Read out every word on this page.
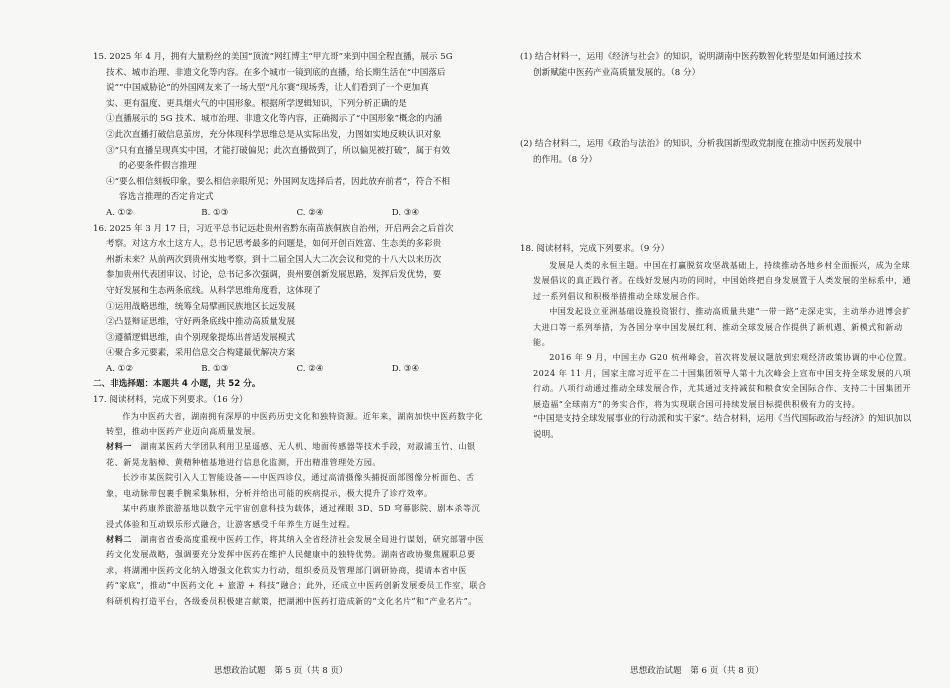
15. 2025 年 4 月，拥有大量粉丝的美国“顶流”网红博主“甲亢哥”来到中国全程直播，展示 5G

技术、城市治理、非遗文化等内容。在多个城市一镜到底的直播，给长期生活在“中国落后

说”“中国威胁论”的外国网友来了一场大型“凡尔赛”现场秀，让人们看到了一个更加真

实、更有温度、更具烟火气的中国形象。根据所学逻辑知识，下列分析正确的是

①直播展示的 5G 技术、城市治理、非遗文化等内容，正确揭示了“中国形象”概念的内涵

②此次直播打破信息茧房，充分体现科学思维总是从实际出发，力图如实地反映认识对象

③“只有直播呈现真实中国，才能打破偏见；此次直播做到了，所以偏见被打破”，属于有效

的必要条件假言推理

④“要么相信刻板印象，要么相信亲眼所见；外国网友选择后者，因此放弃前者”，符合不相

容选言推理的否定肯定式

A. ①②	B. ①③	C. ②④	D. ③④

16. 2025 年 3 月 17 日，习近平总书记远赴贵州省黔东南苗族侗族自治州，开启两会之后首次

考察。对这方水土这方人，总书记思考最多的问题是，如何开创百姓富、生态美的多彩贵

州新未来？从前两次到贵州实地考察，到十二届全国人大二次会议和党的十八大以来历次

参加贵州代表团审议、讨论，总书记多次强调，贵州要创新发展思路，发挥后发优势，要

守好发展和生态两条底线。从科学思维角度看，这体现了

①运用战略思维，统筹全局擘画民族地区长远发展

②凸显辩证思维，守好两条底线中推动高质量发展

③遵循逻辑思维，由个别现象提炼出普适发展模式

④聚合多元要素，采用信息交合构建最优解决方案

A. ①②	B. ①③	C. ②④	D. ③④

二、非选择题：本题共 4 小题，共 52 分。

17. 阅读材料，完成下列要求。（16 分）

作为中医药大省，湖南拥有深厚的中医药历史文化和独特资源。近年来，湖南加快中医药数字化转型，推动中医药产业迈向高质量发展。

材料一　 湖南某医药大学团队利用卫星遥感、无人机、地面传感器等技术手段，对淑浦玉竹、山银花、新晃龙脑樟、黄精种植基地进行信息化监测，开出精准管理处方园。

长沙市某医院引入人工智能设备——中医四诊仪，通过高清摄像头捕捉面部图像分析面色、舌象，电动脉带包裹手腕采集脉相，分析并给出可能的疾病提示，极大提升了诊疗效率。

某中药康养旅游基地以数字元宇宙创意科技为载体，通过裸眼 3D、5D 穹幕影院、剧本杀等沉浸式体验和互动娱乐形式融合，让游客感受千年养生方诞生过程。

材料二　 湖南省省委高度重视中医药工作，将其纳入全省经济社会发展全局进行谋划，研究部署中医药文化发展战略，强调要充分发挥中医药在维护人民健康中的独特优势。湖南省政协聚焦履职总要求，将湖湘中医药文化纳入增强文化软实力行动，组织委员及管理部门调研协商，提请本省中医药“家底”，推动“中医药文化 + 旅游 + 科技”融合；此外，还成立中医药创新发展委员工作室，联合科研机构打造平台，各级委员积极建言献策，把湖湘中医药打造成新的“文化名片”和“产业名片”。

(1) 结合材料一，运用《经济与社会》的知识，说明湖南中医药数智化转型是如何通过技术

创新赋能中医药产业高质量发展的。（8 分）

(2) 结合材料二，运用《政治与法治》的知识，分析我国新型政党制度在推动中医药发展中

的作用。（8 分）

18. 阅读材料，完成下列要求。（9 分）

发展是人类的永恒主题。中国在打赢脱贫攻坚战基础上，持续推动各地乡村全面振兴，成为全球发展倡议的真正践行者。在线好发展内功的同时，中国始终把自身发展置于人类发展的坐标系中，通过一系列倡议和积极举措推动全球发展合作。

中国发起设立亚洲基础设施投资银行、推动高质量共建“一带一路”走深走实，主动举办进博会扩大进口等一系列举措，为各国分享中国发展红利、推动全球发展合作提供了新机遇、新模式和新动能。

2016 年 9 月，中国主办 G20 杭州峰会，首次将发展议题放到宏观经济政策协调的中心位置。2024 年 11 月，国家主席习近平在二十国集团领导人第十九次峰会上宣布中国支持全球发展的八项行动。八项行动通过推动全球发展合作，尤其通过支持减贫和粮食安全国际合作、支持二十国集团开展造福“全球南方”的务实合作，将为实现联合国可持续发展目标提供积极有力的支持。

“中国是支持全球发展事业的行动派和实干家”。结合材料，运用《当代国际政治与经济》的知识加以说明。

思想政治试题　第 5 页（共 8 页）	思想政治试题　第 6 页（共 8 页）
